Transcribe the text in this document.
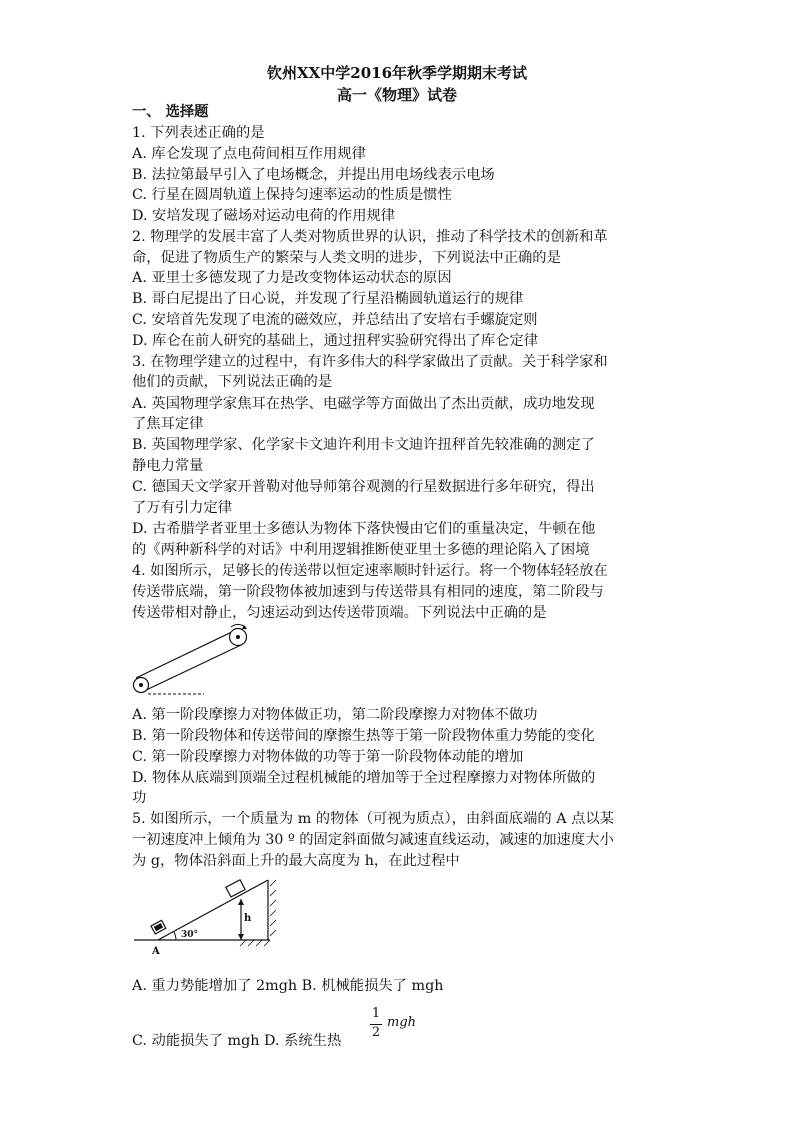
钦州XX中学2016年秋季学期期末考试
高一《物理》试卷
一、 选择题
1. 下列表述正确的是
A. 库仑发现了点电荷间相互作用规律
B. 法拉第最早引入了电场概念，并提出用电场线表示电场
C. 行星在圆周轨道上保持匀速率运动的性质是惯性
D. 安培发现了磁场对运动电荷的作用规律
2. 物理学的发展丰富了人类对物质世界的认识，推动了科学技术的创新和革
命，促进了物质生产的繁荣与人类文明的进步，下列说法中正确的是
A. 亚里士多德发现了力是改变物体运动状态的原因
B. 哥白尼提出了日心说，并发现了行星沿椭圆轨道运行的规律
C. 安培首先发现了电流的磁效应，并总结出了安培右手螺旋定则
D. 库仑在前人研究的基础上，通过扭秤实验研究得出了库仑定律
3. 在物理学建立的过程中，有许多伟大的科学家做出了贡献。关于科学家和
他们的贡献，下列说法正确的是
A. 英国物理学家焦耳在热学、电磁学等方面做出了杰出贡献，成功地发现
了焦耳定律
B. 英国物理学家、化学家卡文迪许利用卡文迪许扭秤首先较准确的测定了
静电力常量
C. 德国天文学家开普勒对他导师第谷观测的行星数据进行多年研究，得出
了万有引力定律
D. 古希腊学者亚里士多德认为物体下落快慢由它们的重量决定，牛顿在他
的《两种新科学的对话》中利用逻辑推断使亚里士多德的理论陷入了困境
4. 如图所示，足够长的传送带以恒定速率顺时针运行。将一个物体轻轻放在
传送带底端，第一阶段物体被加速到与传送带具有相同的速度，第二阶段与
传送带相对静止，匀速运动到达传送带顶端。下列说法中正确的是
A. 第一阶段摩擦力对物体做正功，第二阶段摩擦力对物体不做功
B. 第一阶段物体和传送带间的摩擦生热等于第一阶段物体重力势能的变化
C. 第一阶段摩擦力对物体做的功等于第一阶段物体动能的增加
D. 物体从底端到顶端全过程机械能的增加等于全过程摩擦力对物体所做的
功
5. 如图所示，一个质量为 m 的物体（可视为质点），由斜面底端的 A 点以某
一初速度冲上倾角为 30 º 的固定斜面做匀减速直线运动，减速的加速度大小
为 g，物体沿斜面上升的最大高度为 h，在此过程中
30°
h
A
A. 重力势能增加了 2mgh B. 机械能损失了 mgh
1
2
mgh
C. 动能损失了 mgh D. 系统生热
